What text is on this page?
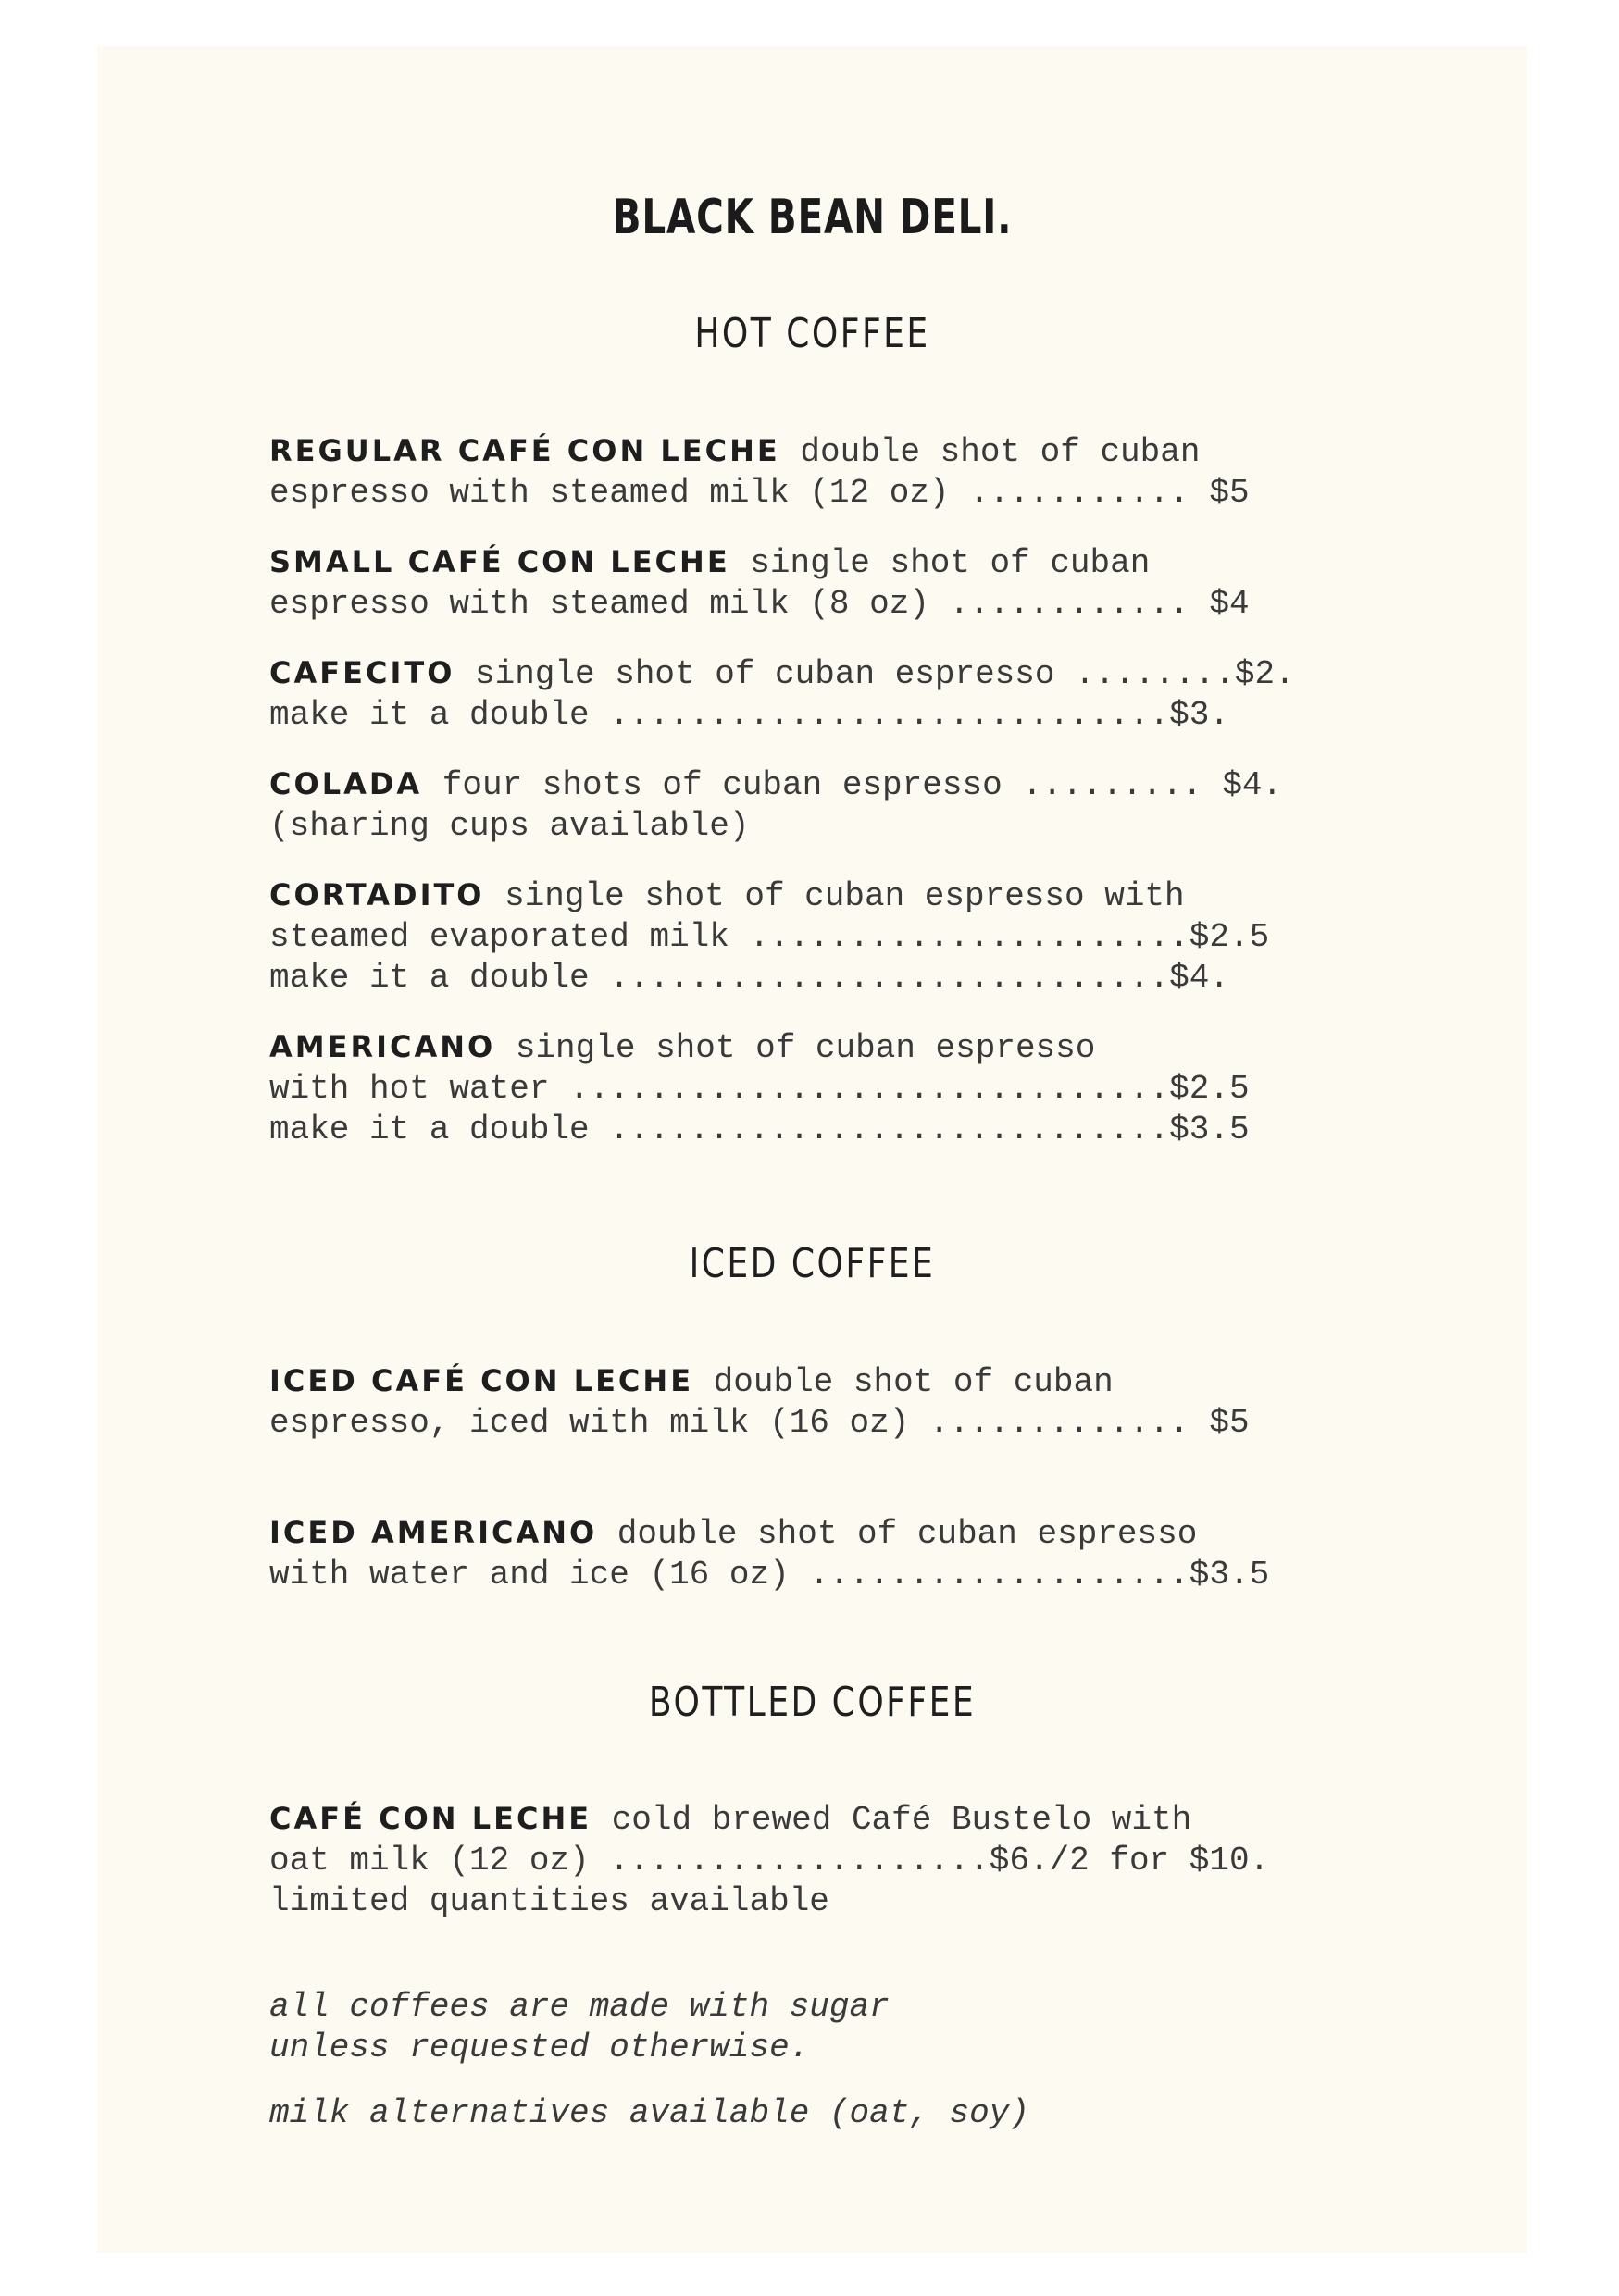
BLACK BEAN DELI.
HOT COFFEE
REGULAR CAFÉ CON LECHE double shot of cuban
espresso with steamed milk (12 oz) ........... $5
SMALL CAFÉ CON LECHE single shot of cuban
espresso with steamed milk (8 oz) ............ $4
CAFECITO single shot of cuban espresso ........$2.
make it a double ............................$3.
COLADA four shots of cuban espresso ......... $4.
(sharing cups available)
CORTADITO single shot of cuban espresso with
steamed evaporated milk ......................$2.5
make it a double ............................$4.
AMERICANO single shot of cuban espresso
with hot water ..............................$2.5
make it a double ............................$3.5
ICED COFFEE
ICED CAFÉ CON LECHE double shot of cuban
espresso, iced with milk (16 oz) ............. $5
ICED AMERICANO double shot of cuban espresso
with water and ice (16 oz) ...................$3.5
BOTTLED COFFEE
CAFÉ CON LECHE cold brewed Café Bustelo with
oat milk (12 oz) ...................$6./2 for $10.
limited quantities available
all coffees are made with sugar
unless requested otherwise.
milk alternatives available (oat, soy)
